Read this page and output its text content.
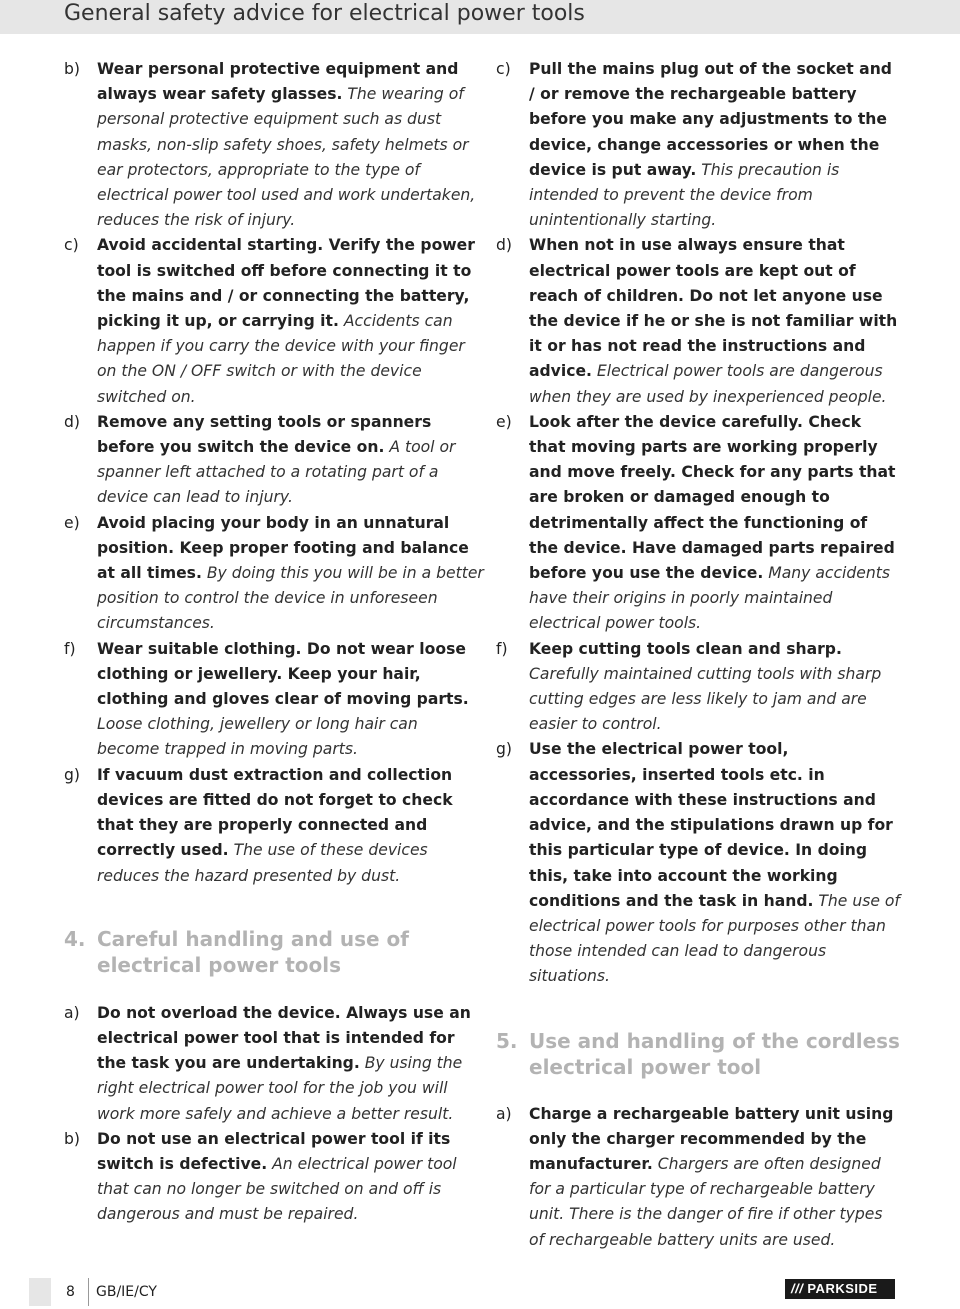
General safety advice for electrical power tools
b) Wear personal protective equipment and always wear safety glasses. The wearing of personal protective equipment such as dust masks, non-slip safety shoes, safety helmets or ear protectors, appropriate to the type of electrical power tool used and work undertaken, reduces the risk of injury.
c) Avoid accidental starting. Verify the power tool is switched off before connecting it to the mains and / or connecting the battery, picking it up, or carrying it. Accidents can happen if you carry the device with your finger on the ON / OFF switch or with the device switched on.
d) Remove any setting tools or spanners before you switch the device on. A tool or spanner left attached to a rotating part of a device can lead to injury.
e) Avoid placing your body in an unnatural position. Keep proper footing and balance at all times. By doing this you will be in a better position to control the device in unforeseen circumstances.
f) Wear suitable clothing. Do not wear loose clothing or jewellery. Keep your hair, clothing and gloves clear of moving parts. Loose clothing, jewellery or long hair can become trapped in moving parts.
g) If vacuum dust extraction and collection devices are fitted do not forget to check that they are properly connected and correctly used. The use of these devices reduces the hazard presented by dust.
4. Careful handling and use of electrical power tools
a) Do not overload the device. Always use an electrical power tool that is intended for the task you are undertaking. By using the right electrical power tool for the job you will work more safely and achieve a better result.
b) Do not use an electrical power tool if its switch is defective. An electrical power tool that can no longer be switched on and off is dangerous and must be repaired.
c) Pull the mains plug out of the socket and / or remove the rechargeable battery before you make any adjustments to the device, change accessories or when the device is put away. This precaution is intended to prevent the device from unintentionally starting.
d) When not in use always ensure that electrical power tools are kept out of reach of children. Do not let anyone use the device if he or she is not familiar with it or has not read the instructions and advice. Electrical power tools are dangerous when they are used by inexperienced people.
e) Look after the device carefully. Check that moving parts are working properly and move freely. Check for any parts that are broken or damaged enough to detrimentally affect the functioning of the device. Have damaged parts repaired before you use the device. Many accidents have their origins in poorly maintained electrical power tools.
f) Keep cutting tools clean and sharp. Carefully maintained cutting tools with sharp cutting edges are less likely to jam and are easier to control.
g) Use the electrical power tool, accessories, inserted tools etc. in accordance with these instructions and advice, and the stipulations drawn up for this particular type of device. In doing this, take into account the working conditions and the task in hand. The use of electrical power tools for purposes other than those intended can lead to dangerous situations.
5. Use and handling of the cordless electrical power tool
a) Charge a rechargeable battery unit using only the charger recommended by the manufacturer. Chargers are often designed for a particular type of rechargeable battery unit. There is the danger of fire if other types of rechargeable battery units are used.
8 GB/IE/CY	/// PARKSIDE
